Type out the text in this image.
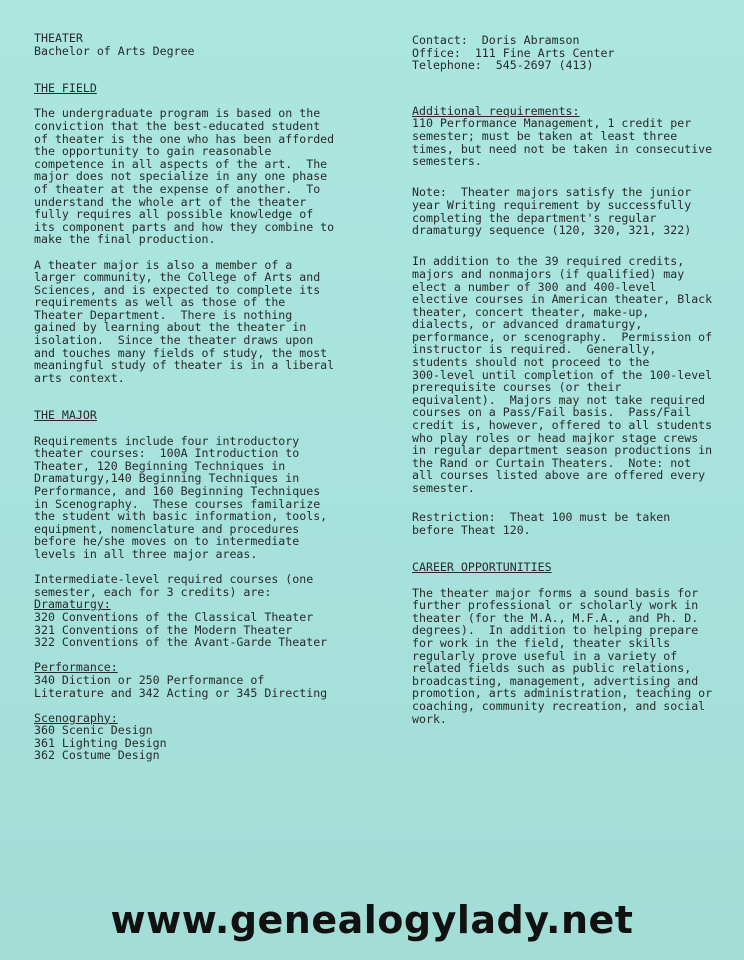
THEATER
Bachelor of Arts Degree
THE FIELD
The undergraduate program is based on the
conviction that the best-educated student
of theater is the one who has been afforded
the opportunity to gain reasonable
competence in all aspects of the art.  The
major does not specialize in any one phase
of theater at the expense of another.  To
understand the whole art of the theater
fully requires all possible knowledge of
its component parts and how they combine to
make the final production.
A theater major is also a member of a
larger community, the College of Arts and
Sciences, and is expected to complete its
requirements as well as those of the
Theater Department.  There is nothing
gained by learning about the theater in
isolation.  Since the theater draws upon
and touches many fields of study, the most
meaningful study of theater is in a liberal
arts context.
THE MAJOR
Requirements include four introductory
theater courses:  100A Introduction to
Theater, 120 Beginning Techniques in
Dramaturgy,140 Beginning Techniques in
Performance, and 160 Beginning Techniques
in Scenography.  These courses familarize
the student with basic information, tools,
equipment, nomenclature and procedures
before he/she moves on to intermediate
levels in all three major areas.
Intermediate-level required courses (one
semester, each for 3 credits) are:
Dramaturgy:
320 Conventions of the Classical Theater
321 Conventions of the Modern Theater
322 Conventions of the Avant-Garde Theater
Performance:
340 Diction or 250 Performance of
Literature and 342 Acting or 345 Directing
Scenography:
360 Scenic Design
361 Lighting Design
362 Costume Design
Contact:  Doris Abramson
Office:  111 Fine Arts Center
Telephone:  545-2697 (413)
Additional requirements:
110 Performance Management, 1 credit per
semester; must be taken at least three
times, but need not be taken in consecutive
semesters.
Note:  Theater majors satisfy the junior
year Writing requirement by successfully
completing the department's regular
dramaturgy sequence (120, 320, 321, 322)
In addition to the 39 required credits,
majors and nonmajors (if qualified) may
elect a number of 300 and 400-level
elective courses in American theater, Black
theater, concert theater, make-up,
dialects, or advanced dramaturgy,
performance, or scenography.  Permission of
instructor is required.  Generally,
students should not proceed to the
300-level until completion of the 100-level
prerequisite courses (or their
equivalent).  Majors may not take required
courses on a Pass/Fail basis.  Pass/Fail
credit is, however, offered to all students
who play roles or head majkor stage crews
in regular department season productions in
the Rand or Curtain Theaters.  Note: not
all courses listed above are offered every
semester.
Restriction:  Theat 100 must be taken
before Theat 120.
CAREER OPPORTUNITIES
The theater major forms a sound basis for
further professional or scholarly work in
theater (for the M.A., M.F.A., and Ph. D.
degrees).  In addition to helping prepare
for work in the field, theater skills
regularly prove useful in a variety of
related fields such as public relations,
broadcasting, management, advertising and
promotion, arts administration, teaching or
coaching, community recreation, and social
work.
www.genealogylady.net
